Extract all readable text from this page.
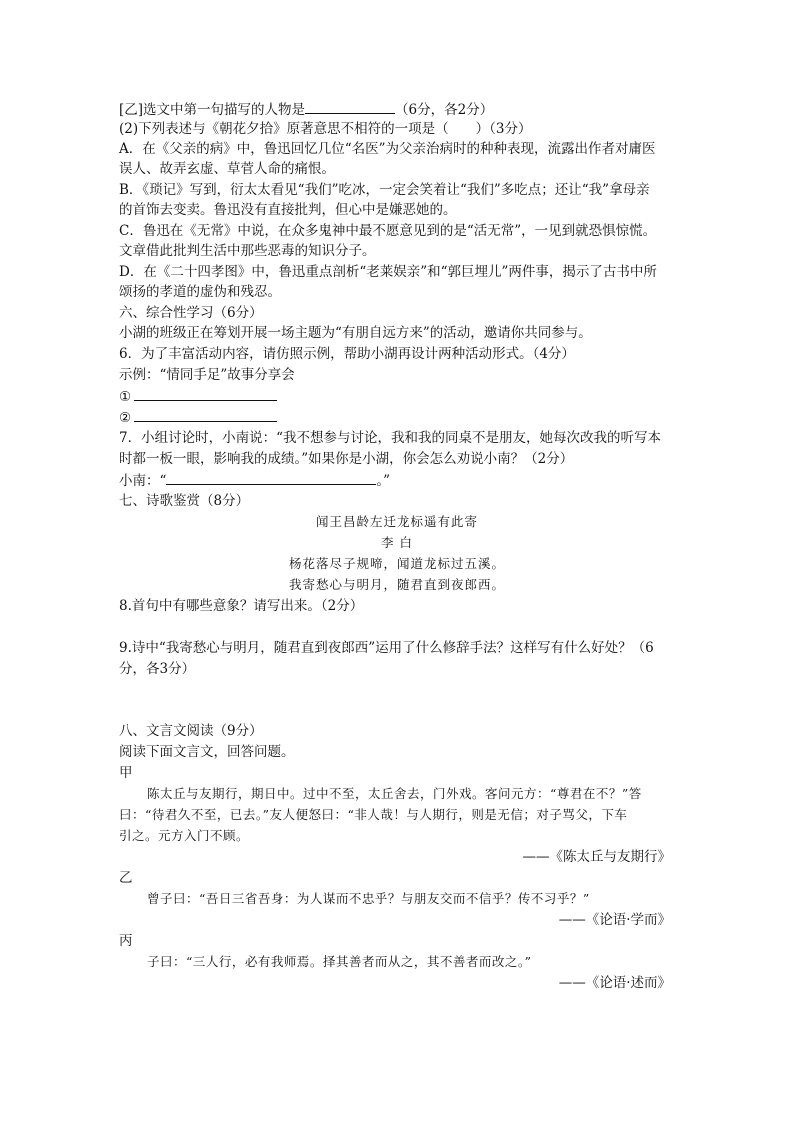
[乙]选文中第一句描写的人物是	（6分，各2分）
(2)下列表述与《朝花夕拾》原著意思不相符的一项是（　　）（3分）
A．在《父亲的病》中，鲁迅回忆几位“名医”为父亲治病时的种种表现，流露出作者对庸医
误人、故弄玄虚、草菅人命的痛恨。
B．《琐记》写到，衍太太看见“我们”吃冰，一定会笑着让“我们”多吃点；还让“我”拿母亲
的首饰去变卖。鲁迅没有直接批判，但心中是嫌恶她的。
C．鲁迅在《无常》中说，在众多鬼神中最不愿意见到的是“活无常”，一见到就恐惧惊慌。
文章借此批判生活中那些恶毒的知识分子。
D．在《二十四孝图》中，鲁迅重点剖析“老莱娱亲”和“郭巨埋儿”两件事，揭示了古书中所
颂扬的孝道的虚伪和残忍。
六、综合性学习（6分）
小湖的班级正在筹划开展一场主题为“有朋自远方来”的活动，邀请你共同参与。
6．为了丰富活动内容，请仿照示例，帮助小湖再设计两种活动形式。（4分）
示例：“情同手足”故事分享会
①
②
7．小组讨论时，小南说：“我不想参与讨论，我和我的同桌不是朋友，她每次改我的听写本
时都一板一眼，影响我的成绩。”如果你是小湖，你会怎么劝说小南？（2分）
小南：“	。”
七、诗歌鉴赏（8分）
闻王昌龄左迁龙标遥有此寄
李 白
杨花落尽子规啼，闻道龙标过五溪。
我寄愁心与明月，随君直到夜郎西。
8.首句中有哪些意象？请写出来。（2分）
9.诗中“我寄愁心与明月，随君直到夜郎西”运用了什么修辞手法？这样写有什么好处？（6
分，各3分）
八、文言文阅读（9分）
阅读下面文言文，回答问题。
甲
陈太丘与友期行，期日中。过中不至，太丘舍去，门外戏。客问元方：“尊君在不？”答
曰：“待君久不至，已去。”友人便怒曰：“非人哉！与人期行，则是无信；对子骂父，下车
引之。元方入门不顾。
——《陈太丘与友期行》
乙
曾子曰：“吾日三省吾身：为人谋而不忠乎？与朋友交而不信乎？传不习乎？”
——《论语·学而》
丙
子曰：“三人行，必有我师焉。择其善者而从之，其不善者而改之。”
——《论语·述而》
